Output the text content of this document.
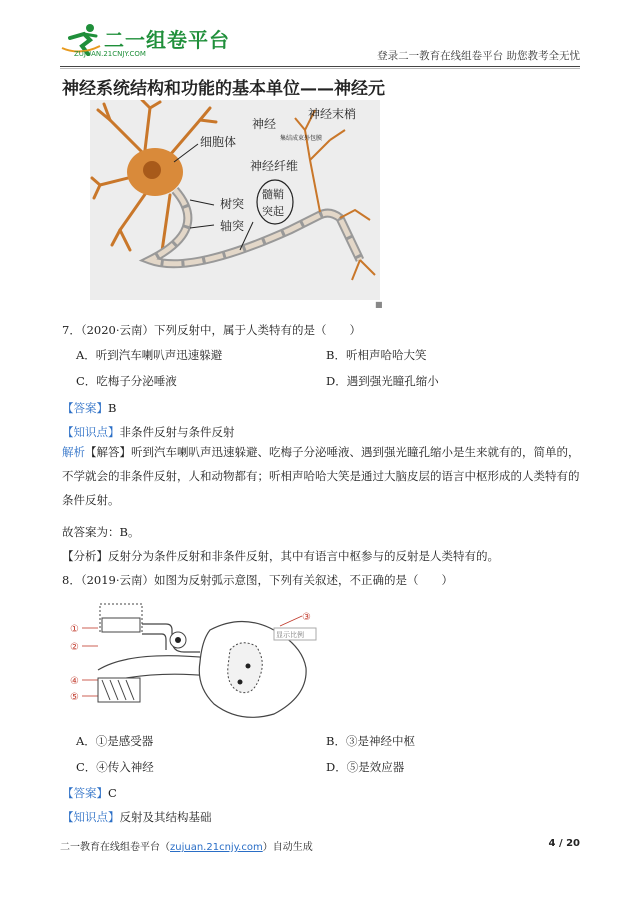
二一组卷平台
ZUJUAN.21CNJY.COM	登录二一教育在线组卷平台 助您教考全无忧
神经系统结构和功能的基本单位——神经元
细胞体
神经
集结成束外包膜
神经纤维
神经末梢
树突
轴突
髓鞘
突起
■
7．（2020·云南）下列反射中，属于人类特有的是（　　）
A．听到汽车喇叭声迅速躲避	B．听相声哈哈大笑
C．吃梅子分泌唾液	D．遇到强光瞳孔缩小
【答案】B
【知识点】非条件反射与条件反射
解析【解答】听到汽车喇叭声迅速躲避、吃梅子分泌唾液、遇到强光瞳孔缩小是生来就有的，简单的，不学就会的非条件反射，人和动物都有；听相声哈哈大笑是通过大脑皮层的语言中枢形成的人类特有的条件反射。
故答案为：B。
【分析】反射分为条件反射和非条件反射，其中有语言中枢参与的反射是人类特有的。
8．（2019·云南）如图为反射弧示意图，下列有关叙述，不正确的是（　　）
①
②
③
④
⑤
显示比例
A．①是感受器	B．③是神经中枢
C．④传入神经	D．⑤是效应器
【答案】C
【知识点】反射及其结构基础
二一教育在线组卷平台（zujuan.21cnjy.com）自动生成	4 / 20
